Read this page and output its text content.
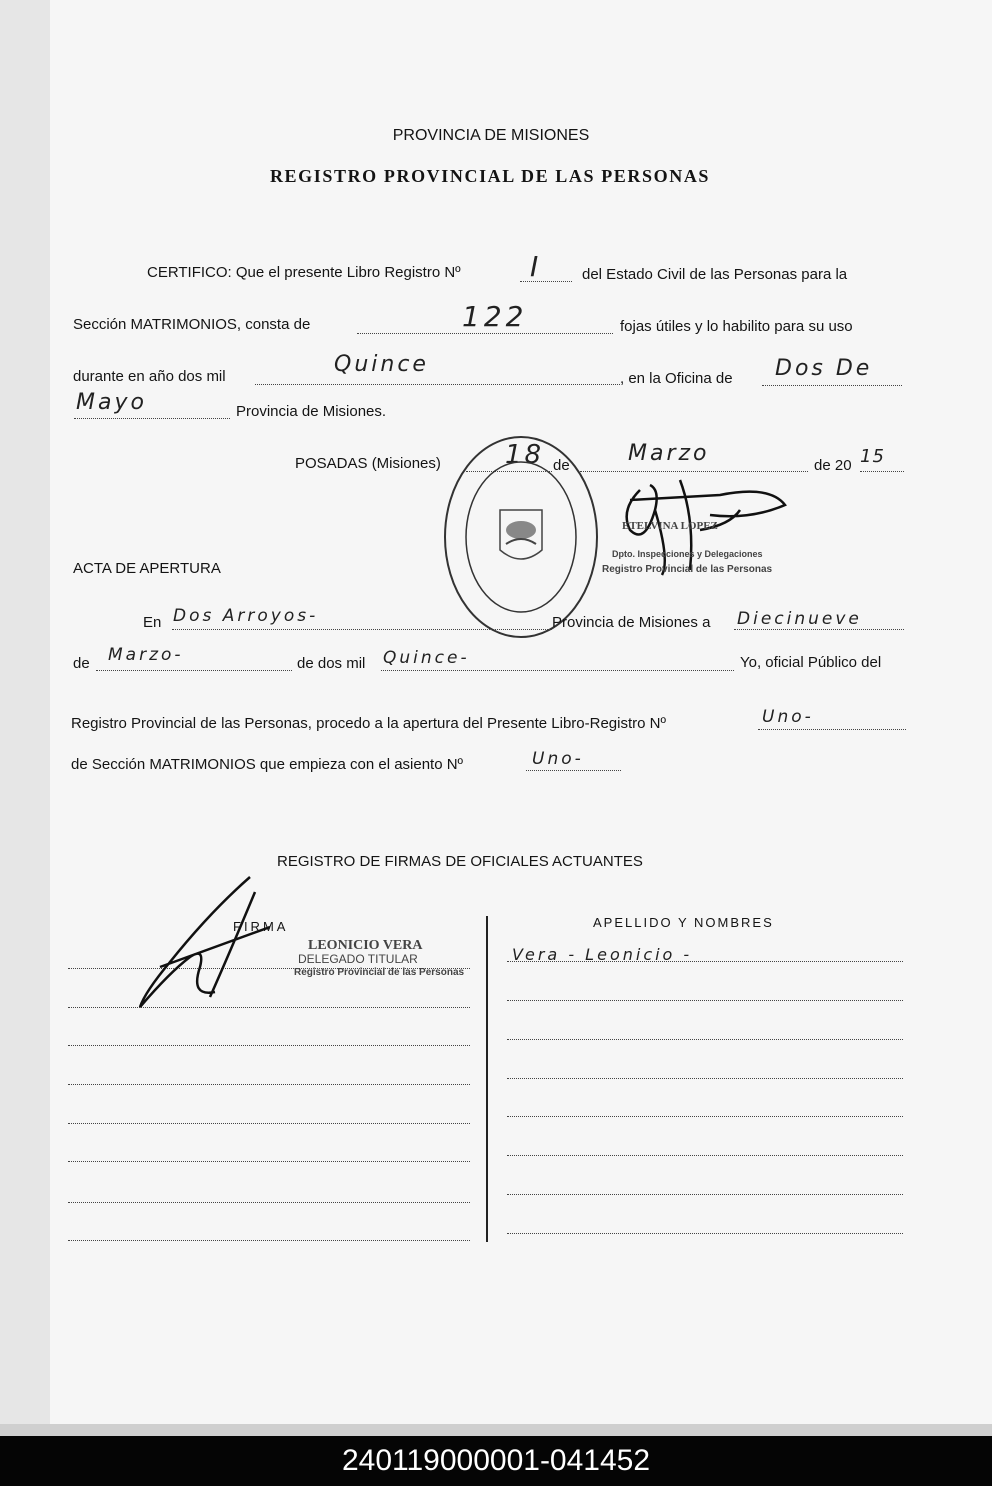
PROVINCIA DE MISIONES
REGISTRO PROVINCIAL DE LAS PERSONAS
CERTIFICO: Que el presente Libro Registro Nº I	del Estado Civil de las Personas para la
Sección MATRIMONIOS, consta de	122	fojas útiles y lo habilito para su uso
durante en año dos mil	Quince
, en la Oficina de Dos De
Mayo	Provincia de Misiones.
POSADAS (Misiones) 18 de	Marzo	de 20 15
ETELVINA LOPEZ
Dpto. Inspecciones y Delegaciones
Registro Provincial de las Personas
ACTA DE APERTURA
En Dos Arroyos-	Provincia de Misiones a Diecinueve
de Marzo-	de dos mil Quince-	Yo, oficial Público del
Registro Provincial de las Personas, procedo a la apertura del Presente Libro-Registro Nº	Uno-
de Sección MATRIMONIOS que empieza con el asiento Nº	Uno-
REGISTRO DE FIRMAS DE OFICIALES ACTUANTES
FIRMA	APELLIDO Y NOMBRES
LEONICIO VERA
DELEGADO TITULAR
Registro Provincial de las Personas
Vera - Leonicio -
240119000001-041452
